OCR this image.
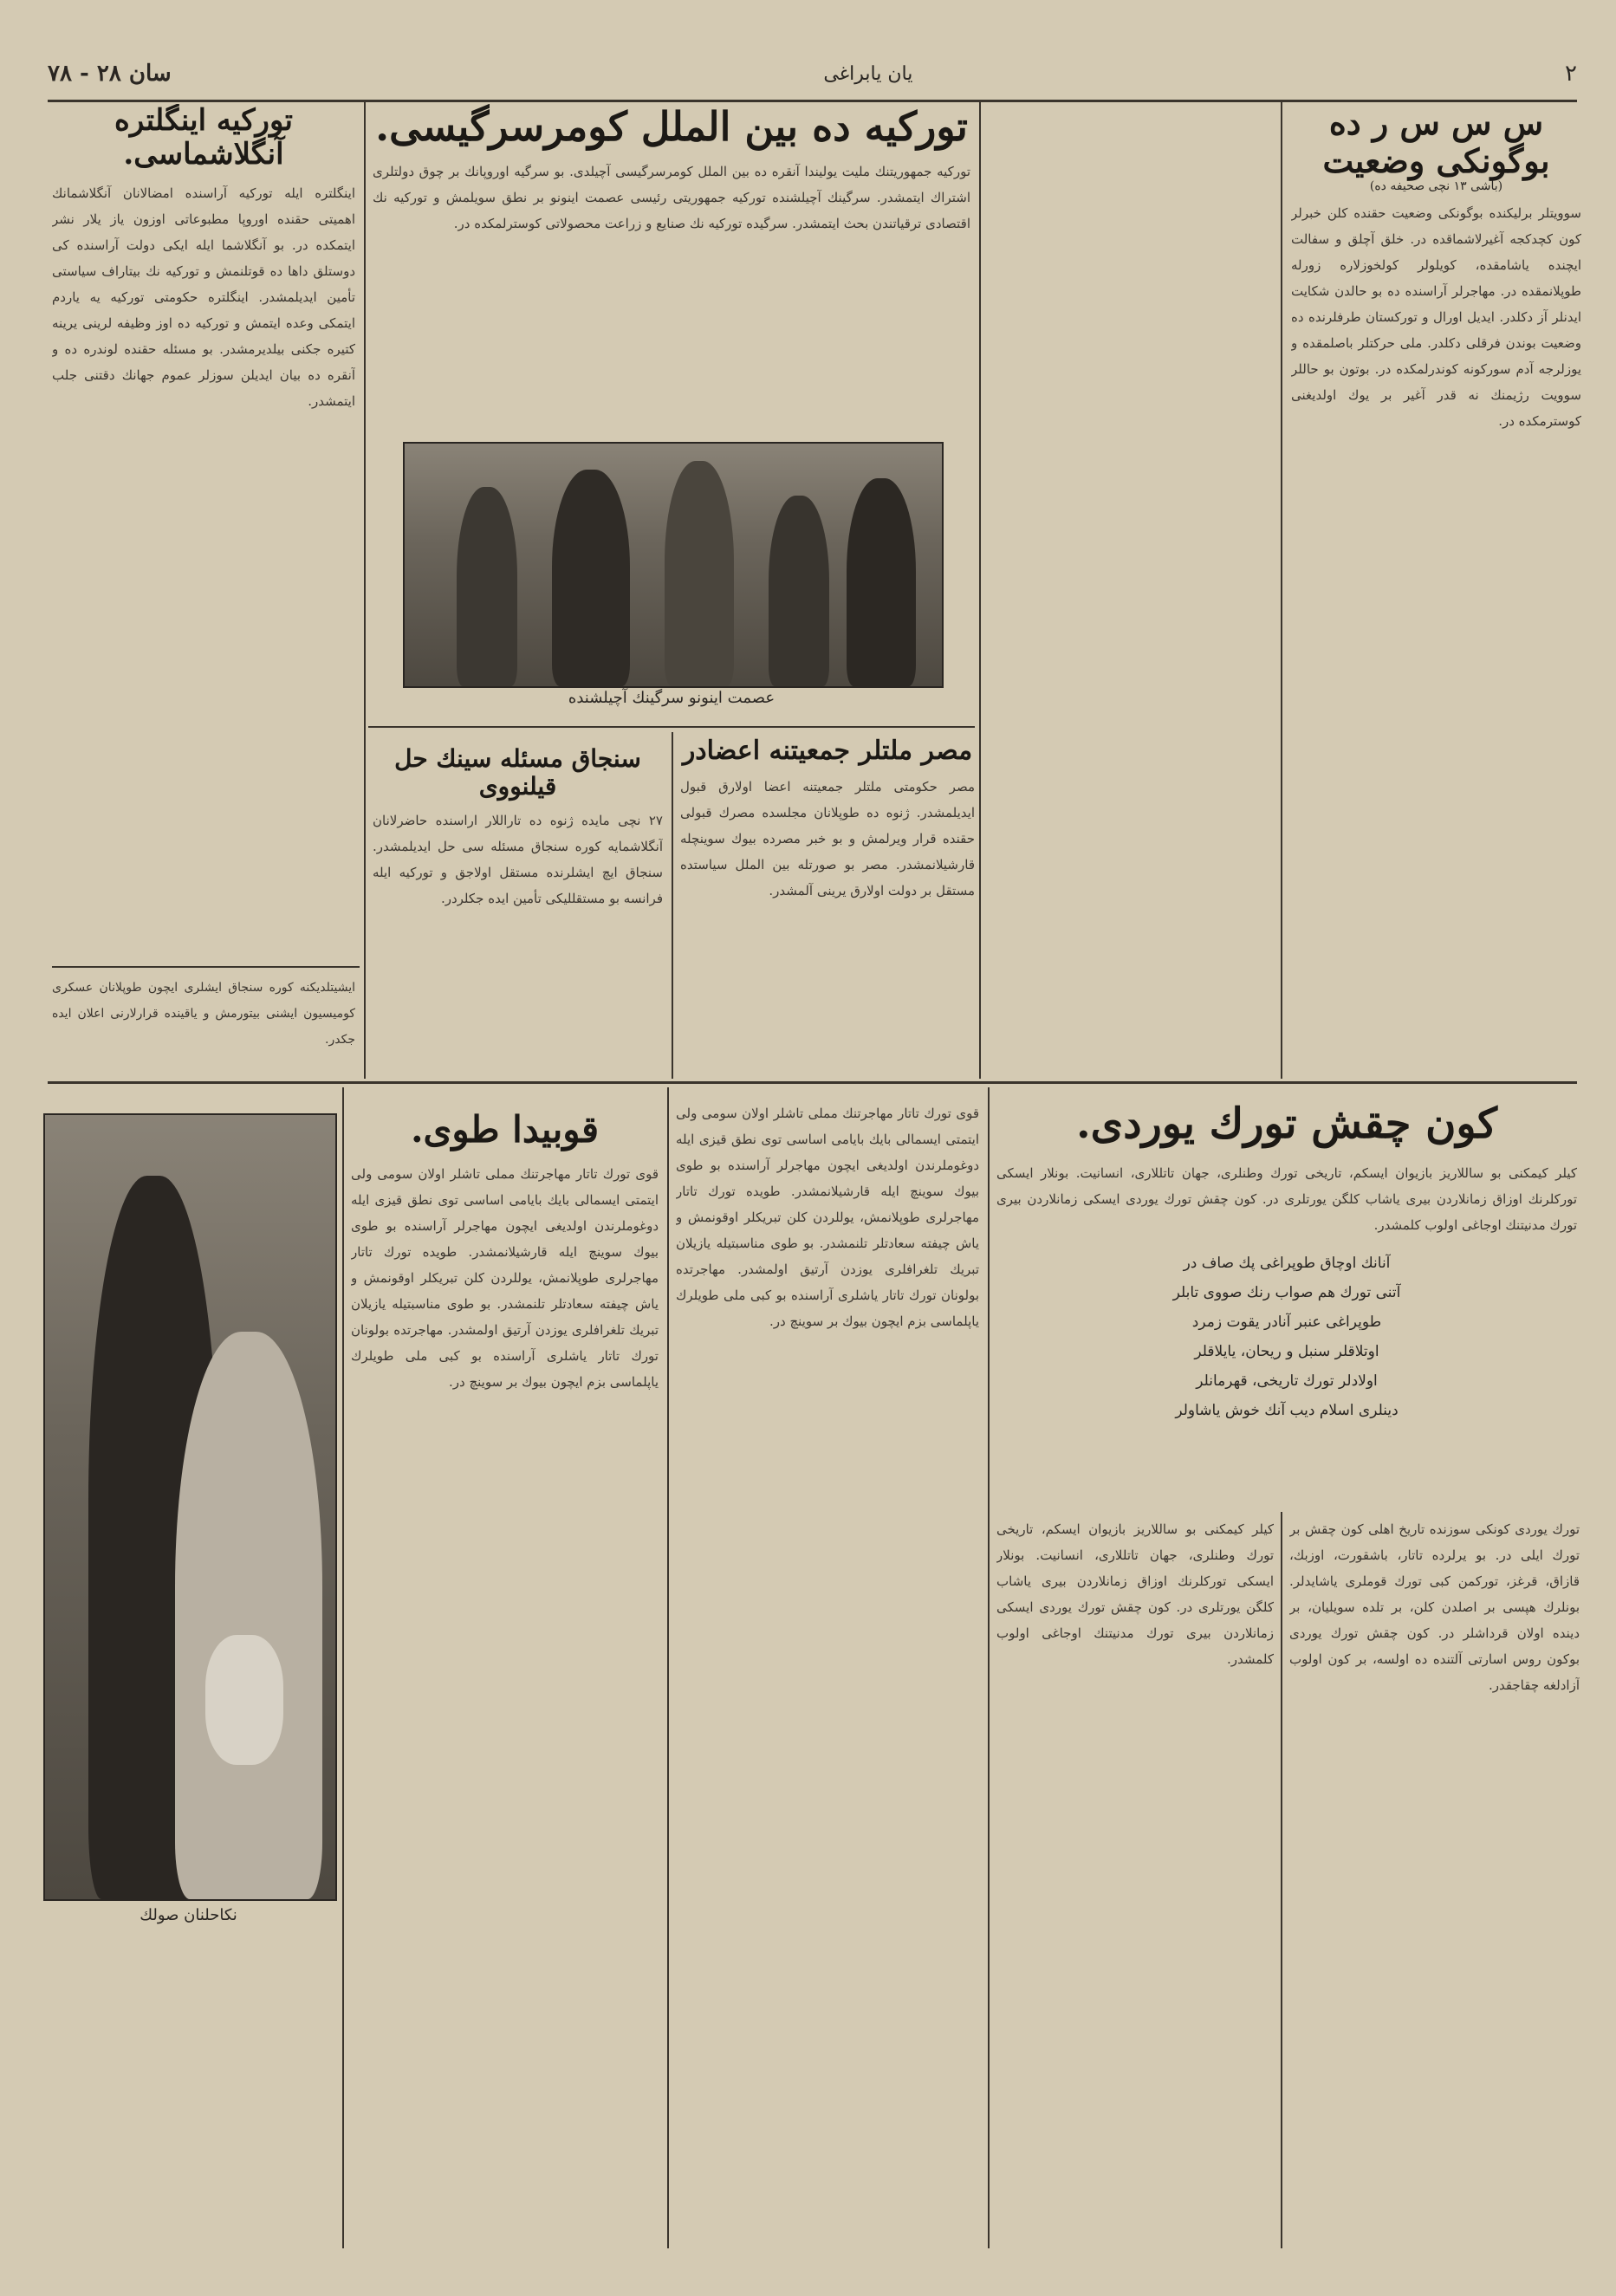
٢
يان يابراغى
سان ٢٨ - ٧٨
س س س ر ده بوگونكى وضعيت
(باشى ١٣ نچى صحيفه ده)
سوويتلر برليكنده بوگونكى وضعيت حقنده كلن خبرلر كون كچدكجه آغيرلاشماقده در. خلق آچلق و سفالت ايچنده ياشامقده، كويلولر كولخوزلاره زورله طوپلانمقده در. مهاجرلر آراسنده ده بو حالدن شكايت ايدنلر آز دكلدر. ايديل اورال و توركستان طرفلرنده ده وضعيت بوندن فرقلى دكلدر. ملى حركتلر باصلمقده و يوزلرجه آدم سوركونه كوندرلمكده در. بوتون بو حاللر سوويت رژيمنك نه قدر آغير بر يوك اولديغنى كوسترمكده در.
توركيه ده بين الملل كومرسرگيسى.
توركيه جمهوريتنك مليت يوليندا آنقره ده بين الملل كومرسرگيسى آچيلدى. بو سرگيه اوروپانك بر چوق دولتلرى اشتراك ايتمشدر. سرگينك آچيلشنده توركيه جمهوريتى رئيسى عصمت اينونو بر نطق سويلمش و توركيه نك اقتصادى ترقياتندن بحث ايتمشدر. سرگيده توركيه نك صنايع و زراعت محصولاتى كوسترلمكده در.
عصمت اينونو سرگينك آچيلشنده
توركيه اينگلتره آنگلاشماسى.
اينگلتره ايله توركيه آراسنده امضالانان آنگلاشمانك اهميتى حقنده اوروپا مطبوعاتى اوزون ياز يلار نشر ايتمكده در. بو آنگلاشما ايله ايكى دولت آراسنده كى دوستلق داها ده قوتلنمش و توركيه نك بيتاراف سياستى تأمين ايديلمشدر. اينگلتره حكومتى توركيه يه ياردم ايتمكى وعده ايتمش و توركيه ده اوز وظيفه لرينى يرينه كتيره جكنى بيلديرمشدر. بو مسئله حقنده لوندره ده و آنقره ده بيان ايديلن سوزلر عموم جهانك دقتنى جلب ايتمشدر.
ايشيتلديكنه كوره سنجاق ايشلرى ايچون طوپلانان عسكرى كوميسيون ايشنى بيتورمش و ياقينده قرارلارنى اعلان ايده جكدر.
مصر ملتلر جمعيتنه اعضادر
مصر حكومتى ملتلر جمعيتنه اعضا اولارق قبول ايديلمشدر. ژنوه ده طوپلانان مجلسده مصرك قبولى حقنده قرار ويرلمش و بو خبر مصرده بيوك سوينچله قارشيلانمشدر. مصر بو صورتله بين الملل سياستده مستقل بر دولت اولارق يرينى آلمشدر.
سنجاق مسئله سينك حل قيلنووى
٢٧ نچى مايده ژنوه ده تاراللار اراسنده حاضرلانان آنگلاشمايه كوره سنجاق مسئله سى حل ايديلمشدر. سنجاق ايچ ايشلرنده مستقل اولاجق و توركيه ايله فرانسه بو مستقلليكى تأمين ايده جكلردر.
نكاحلنان صولك
قوبيدا طوى.
قوى تورك تاتار مهاجرتنك مملى تاشلر اولان سومى ولى ايتمتى ايسمالى بايك بايامى اساسى توى نطق قيزى ايله دوغوملرندن اولديغى ايچون مهاجرلر آراسنده بو طوى بيوك سوينچ ايله قارشيلانمشدر. طويده تورك تاتار مهاجرلرى طوپلانمش، يوللردن كلن تبريكلر اوقونمش و ياش چيفته سعادتلر تلنمشدر. بو طوى مناسبتيله يازيلان تبريك تلغرافلرى يوزدن آرتيق اولمشدر. مهاجرتده بولونان تورك تاتار ياشلرى آراسنده بو كبى ملى طويلرك ياپلماسى بزم ايچون بيوك بر سوينچ در.
كون چقش تورك يوردى.
كيلر كيمكنى بو ساللاريز بازيوان ايسكم، تاريخى تورك وطنلرى، جهان تاتللارى، انسانيت. بونلار ايسكى توركلرنك اوزاق زمانلاردن بيرى ياشاب كلگن يورتلرى در. كون چقش تورك يوردى ايسكى زمانلاردن بيرى تورك مدنيتنك اوجاغى اولوب كلمشدر.
آنانك اوچاق طوپراغى پك صاف در
آتنى تورك هم صواب رنك صووى تابلر
طوپراغى عنبر آنادر يقوت زمرد
اوتلاقلر سنبل و ريحان، يايلاقلر
اولادلر تورك تاريخى، قهرمانلر
دينلرى اسلام ديب آنك خوش ياشاولر
تورك يوردى كونكى سوزنده تاريخ اهلى كون چقش بر تورك ايلى در. بو يرلرده تاتار، باشقورت، اوزبك، قازاق، قرغز، توركمن كبى تورك قوملرى ياشايدلر. بونلرك هپسى بر اصلدن كلن، بر تلده سويليان، بر دينده اولان قرداشلر در. كون چقش تورك يوردى بوكون روس اسارتى آلتنده ده اولسه، بر كون اولوب آزادلغه چقاجقدر.
كيلر كيمكنى بو ساللاريز بازيوان ايسكم، تاريخى تورك وطنلرى، جهان تاتللارى، انسانيت. بونلار ايسكى توركلرنك اوزاق زمانلاردن بيرى ياشاب كلگن يورتلرى در. كون چقش تورك يوردى ايسكى زمانلاردن بيرى تورك مدنيتنك اوجاغى اولوب كلمشدر.
قوى تورك تاتار مهاجرتنك مملى تاشلر اولان سومى ولى ايتمتى ايسمالى بايك بايامى اساسى توى نطق قيزى ايله دوغوملرندن اولديغى ايچون مهاجرلر آراسنده بو طوى بيوك سوينچ ايله قارشيلانمشدر. طويده تورك تاتار مهاجرلرى طوپلانمش، يوللردن كلن تبريكلر اوقونمش و ياش چيفته سعادتلر تلنمشدر. بو طوى مناسبتيله يازيلان تبريك تلغرافلرى يوزدن آرتيق اولمشدر. مهاجرتده بولونان تورك تاتار ياشلرى آراسنده بو كبى ملى طويلرك ياپلماسى بزم ايچون بيوك بر سوينچ در.
